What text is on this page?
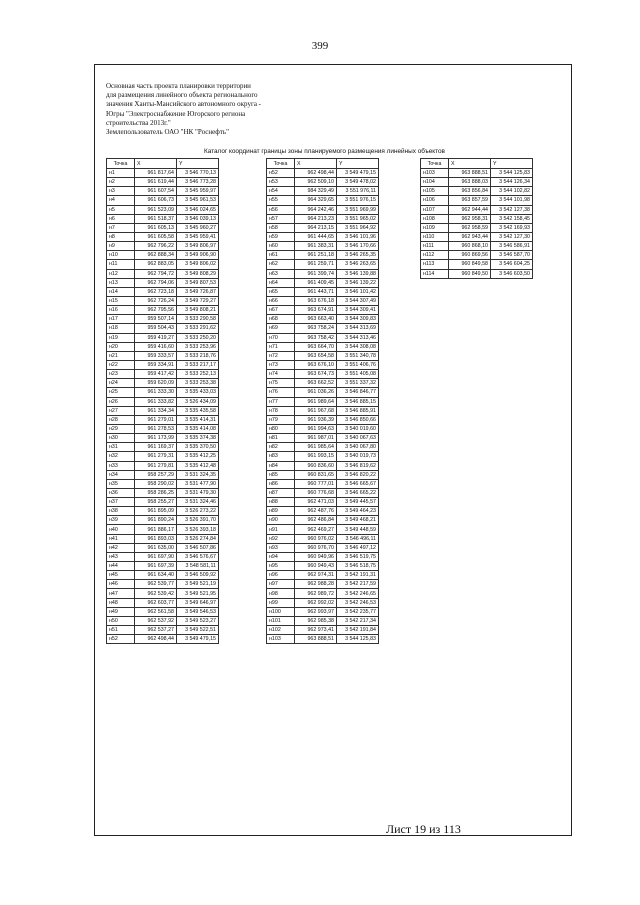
399
Основная часть проекта планировки территории
для размещения линейного объекта регионального
значения Ханты-Мансийского автономного округа -
Югры "Электроснабжение Югорского региона
строительства 2013г."
Землепользователь ОАО "НК "Роснефть"
Каталог координат границы зоны планируемого размещения линейных объектов
Точка	X	Y
н1	961 817,64	3 546 770,13
н2	961 619,44	3 546 773,28
н3	961 607,54	3 545 959,97
н4	961 606,73	3 545 961,53
н5	961 523,09	3 546 024,65
н6	961 518,37	3 546 039,13
н7	961 605,13	3 545 960,27
н8	961 605,58	3 545 959,41
н9	962 796,22	3 549 806,97
н10	962 888,34	3 549 906,90
н11	962 883,05	3 549 806,02
н12	962 794,72	3 549 808,29
н13	962 794,06	3 549 807,53
н14	962 723,18	3 549 726,87
н15	962 726,24	3 549 729,27
н16	962 795,56	3 549 808,21
н17	959 507,14	3 533 290,58
н18	959 504,43	3 533 291,62
н19	959 419,27	3 533 250,20
н20	959 416,60	3 533 253,96
н21	959 333,57	3 533 218,76
н22	959 334,91	3 533 217,17
н23	959 417,42	3 533 252,13
н24	959 620,09	3 533 253,38
н25	961 333,30	3 535 433,03
н26	961 333,82	3 526 434,09
н27	961 334,34	3 535 435,58
н28	961 279,01	3 535 414,31
н29	961 278,53	3 535 414,08
н30	961 173,99	3 535 374,38
н31	961 169,37	3 535 370,50
н32	961 279,31	3 535 412,25
н33	961 279,81	3 535 412,48
н34	958 257,29	3 531 324,35
н35	958 290,02	3 531 477,90
н36	958 286,25	3 531 479,30
н37	958 255,27	3 531 324,46
н38	961 895,09	3 526 273,22
н39	961 890,24	3 526 391,70
н40	961 886,17	3 526 393,18
н41	961 893,03	3 526 274,84
н42	961 635,00	3 546 507,86
н43	961 697,90	3 546 576,67
н44	961 697,39	3 548 581,11
н45	961 634,40	3 546 509,92
н46	962 539,77	3 549 521,19
н47	962 539,42	3 549 521,95
н48	962 603,77	3 549 646,97
н49	962 561,58	3 549 546,53
н50	962 537,92	3 549 523,27
н51	962 537,27	3 549 522,51
н52	962 498,44	3 549 479,15
Точка	X	Y
н52	962 498,44	3 549 479,15
н53	962 509,10	3 549 478,02
н54	984 329,49	3 551 976,11
н55	964 329,65	3 551 976,15
н56	964 242,46	3 551 969,99
н57	964 213,23	3 551 965,02
н58	964 213,15	3 551 964,92
н59	961 444,65	3 546 101,96
н60	961 383,31	3 546 170,66
н61	961 251,18	3 546 265,35
н62	961 259,71	3 546 263,65
н63	961 399,74	3 546 139,88
н64	961 409,45	3 546 139,22
н65	961 443,71	3 546 101,42
н66	963 676,18	3 544 307,49
н67	963 674,91	3 544 309,41
н68	963 663,40	3 544 309,83
н69	963 758,24	3 544 313,69
н70	963 758,42	3 544 313,46
н71	963 664,70	3 544 308,08
н72	963 654,58	3 551 340,78
н73	963 676,10	3 551 406,76
н74	963 674,73	3 551 405,08
н75	963 662,52	3 551 337,32
н76	961 036,26	3 546 846,77
н77	961 989,64	3 546 885,15
н78	961 967,68	3 546 885,91
н79	961 936,39	3 546 850,66
н80	961 994,63	3 540 019,60
н81	961 987,01	3 540 067,63
н82	961 985,64	3 540 067,80
н83	961 993,15	3 540 019,73
н84	960 836,60	3 546 819,62
н85	960 831,65	3 546 820,22
н86	960 777,01	3 546 665,67
н87	960 776,68	3 546 665,22
н88	962 471,03	3 549 445,57
н89	962 487,76	3 549 464,23
н90	962 486,84	3 549 468,21
н91	962 469,27	3 549 448,59
н92	960 976,02	3 546 496,11
н93	960 976,70	3 546 497,12
н94	960 949,96	3 546 519,75
н95	960 949,43	3 546 518,75
н96	962 974,31	3 542 191,31
н97	962 988,28	3 542 217,59
н98	962 989,72	3 542 246,65
н99	962 992,02	3 542 246,53
н100	962 993,97	3 542 235,77
н101	962 985,38	3 542 217,34
н102	962 973,41	3 542 191,84
н103	963 888,51	3 544 125,83
Точка	X	Y
н103	963 888,51	3 544 125,83
н104	963 888,03	3 544 126,34
н105	963 856,84	3 544 102,82
н106	963 857,59	3 544 101,98
н107	962 944,44	3 542 127,38
н108	962 958,31	3 542 158,45
н109	962 958,59	3 542 169,93
н110	962 943,44	3 542 127,30
н111	960 868,10	3 546 586,91
н112	960 869,56	3 546 587,70
н113	960 849,58	3 546 604,25
н114	960 849,50	3 546 603,50
Лист 19 из 113
